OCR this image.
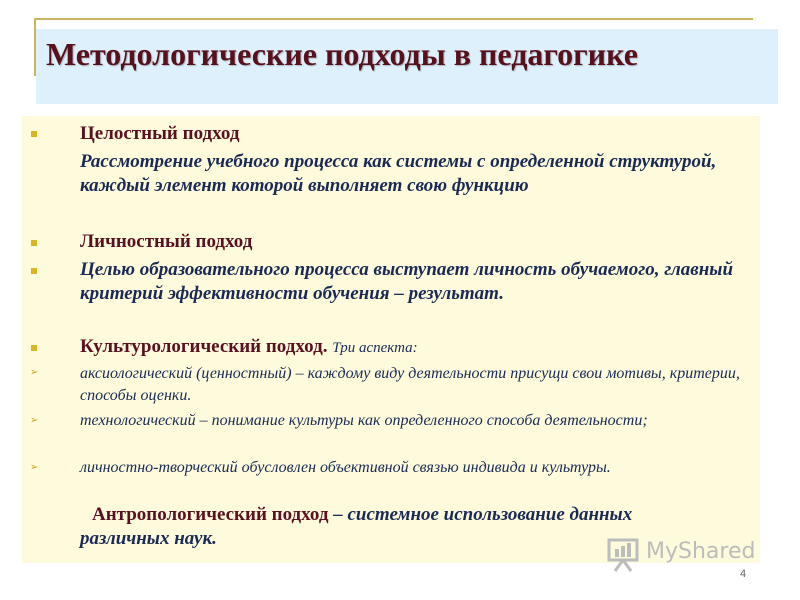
Методологические подходы в педагогике
Целостный подход
Рассмотрение учебного процесса как системы с определенной структурой, каждый элемент которой выполняет свою функцию
Личностный подход
Целью образовательного процесса выступает личность обучаемого, главный критерий эффективности обучения – результат.
Культурологический подход. Три аспекта:
➢	аксиологический (ценностный) – каждому виду деятельности присущи свои мотивы, критерии, способы оценки.
➢	технологический – понимание культуры как определенного способа деятельности;
➢	личностно-творческий обусловлен объективной связью индивида и культуры.
Антропологический подход – системное использование данных различных наук.
MyShared
4
